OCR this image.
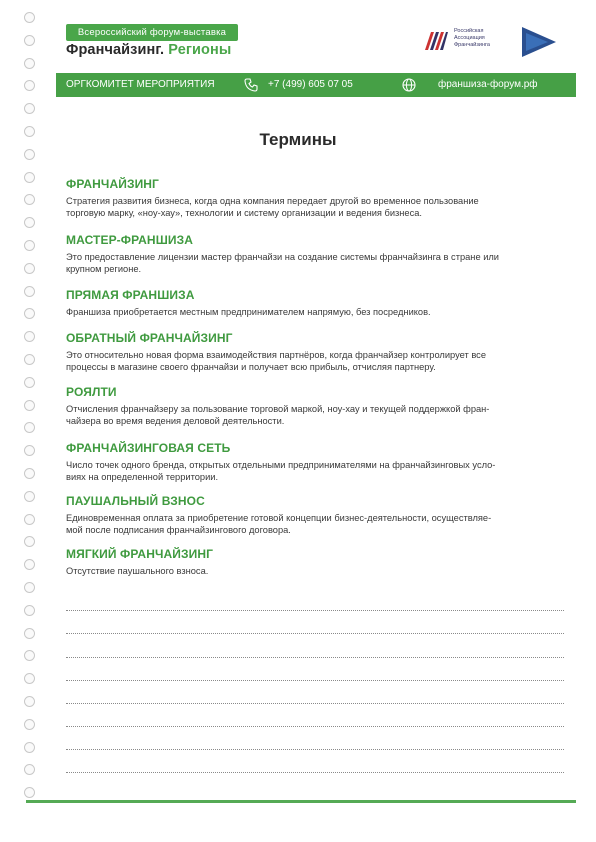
Всероссийский форум-выставка
Франчайзинг. Регионы
Российская
Ассоциация
Франчайзинга
ОРГКОМИТЕТ МЕРОПРИЯТИЯ	+7 (499) 605 07 05	франшиза-форум.рф
Термины
ФРАНЧАЙЗИНГ

Стратегия развития бизнеса, когда одна компания передает другой во временное пользование
торговую марку, «ноу-хау», технологии и систему организации и ведения бизнеса.

МАСТЕР-ФРАНШИЗА

Это предоставление лицензии мастер франчайзи на создание системы франчайзинга в стране или
крупном регионе.

ПРЯМАЯ ФРАНШИЗА

Франшиза приобретается местным предпринимателем напрямую, без посредников.

ОБРАТНЫЙ ФРАНЧАЙЗИНГ

Это относительно новая форма взаимодействия партнёров, когда франчайзер контролирует все
процессы в магазине своего франчайзи и получает всю прибыль, отчисляя партнеру.

РОЯЛТИ

Отчисления франчайзеру за пользование торговой маркой, ноу-хау и текущей поддержкой фран-
чайзера во время ведения деловой деятельности.

ФРАНЧАЙЗИНГОВАЯ СЕТЬ

Число точек одного бренда, открытых отдельными предпринимателями на франчайзинговых усло-
виях на определенной территории.

ПАУШАЛЬНЫЙ ВЗНОС

Единовременная оплата за приобретение готовой концепции бизнес-деятельности, осуществляе-
мой после подписания франчайзингового договора.

МЯГКИЙ ФРАНЧАЙЗИНГ

Отсутствие паушального взноса.
